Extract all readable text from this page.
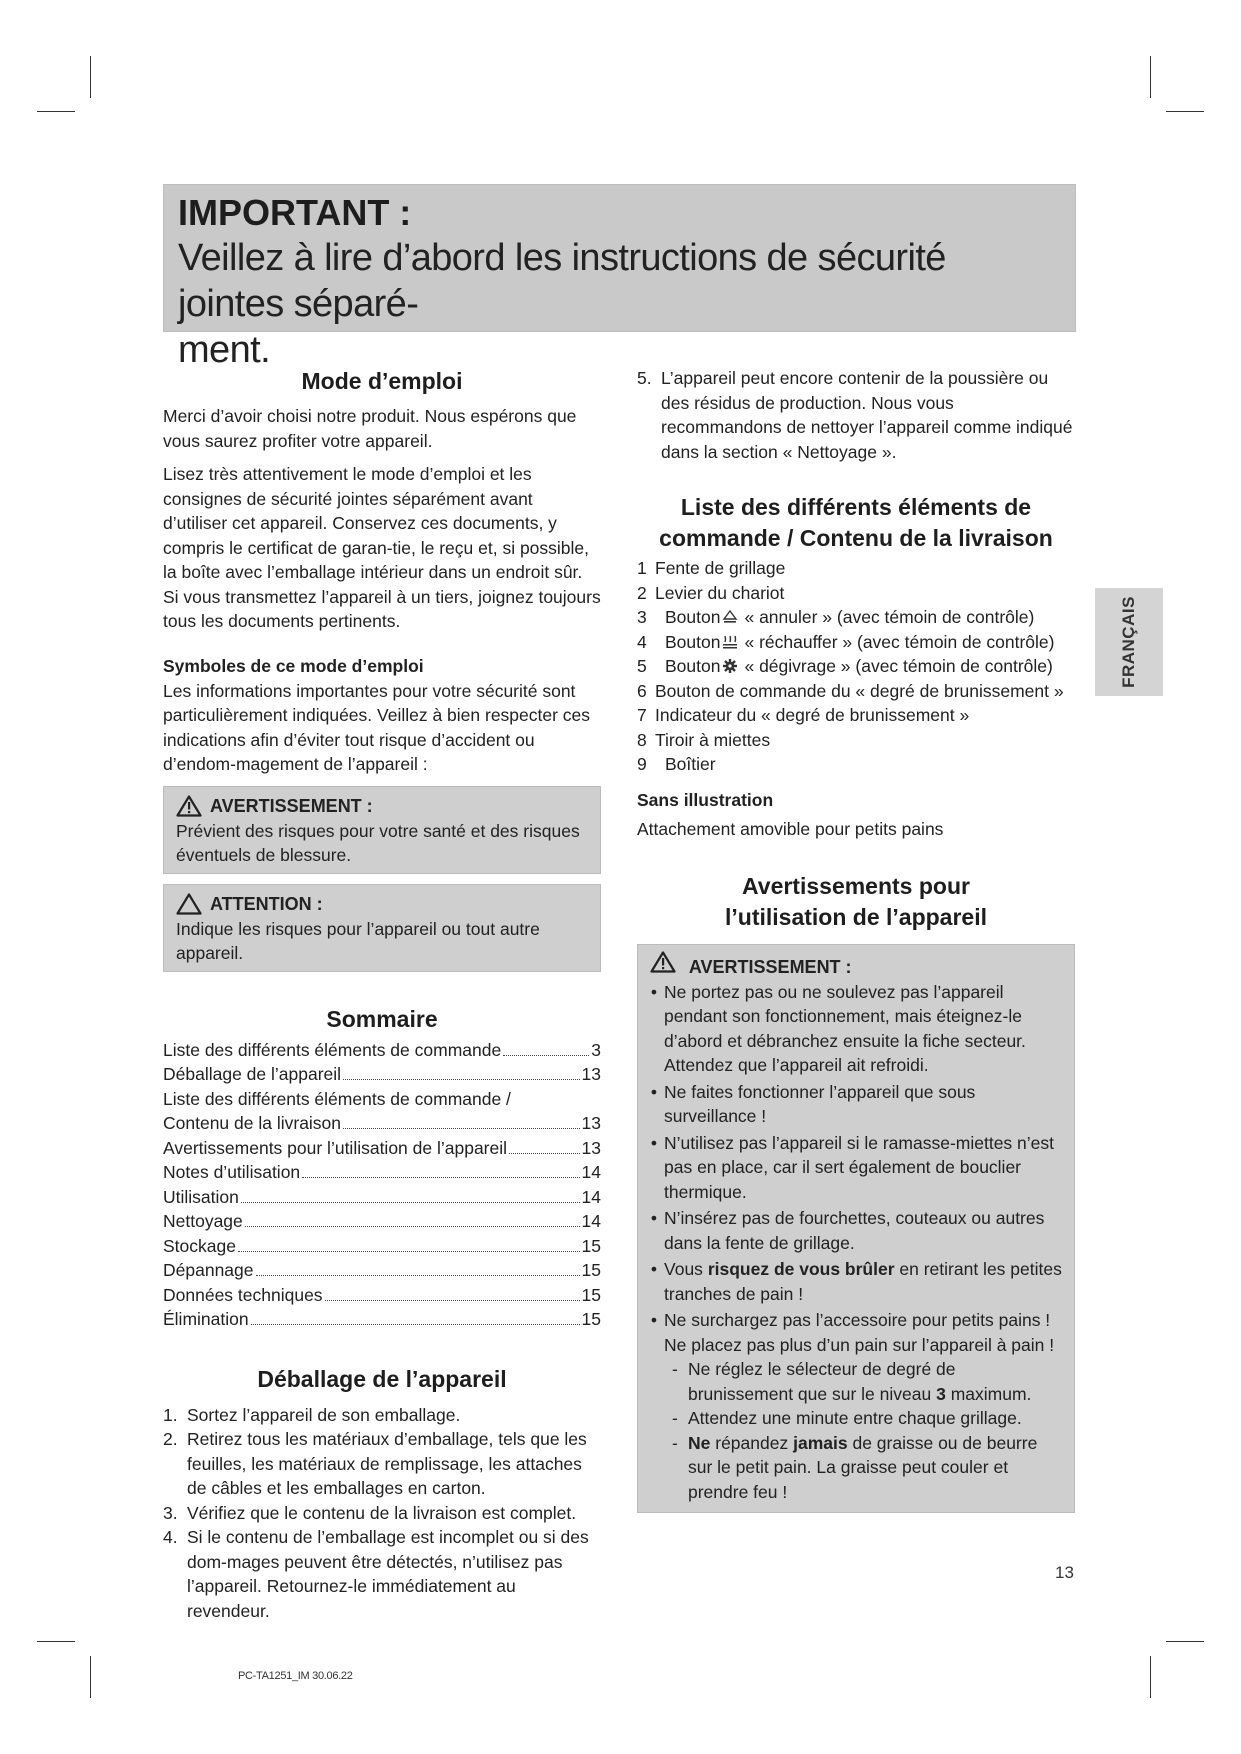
IMPORTANT :
Veillez à lire d’abord les instructions de sécurité jointes séparé-
ment.
Mode d’emploi

Merci d’avoir choisi notre produit. Nous espérons que vous saurez profiter votre appareil.

Lisez très attentivement le mode d’emploi et les consignes de sécurité jointes séparément avant d’utiliser cet appareil. Conservez ces documents, y compris le certificat de garan-tie, le reçu et, si possible, la boîte avec l’emballage intérieur dans un endroit sûr. Si vous transmettez l’appareil à un tiers, joignez toujours tous les documents pertinents.

Symboles de ce mode d’emploi

Les informations importantes pour votre sécurité sont particulièrement indiquées. Veillez à bien respecter ces indications afin d’éviter tout risque d’accident ou d’endom-magement de l’appareil :

AVERTISSEMENT :

Prévient des risques pour votre santé et des risques éventuels de blessure.

ATTENTION :

Indique les risques pour l’appareil ou tout autre appareil.

Sommaire
Liste des différents éléments de commande	3
Déballage de l’appareil	13
Liste des différents éléments de commande /
Contenu de la livraison	13
Avertissements pour l’utilisation de l’appareil	13
Notes d’utilisation	14
Utilisation	14
Nettoyage	14
Stockage	15
Dépannage	15
Données techniques	15
Élimination	15
Déballage de l’appareil
1. Sortez l’appareil de son emballage.
2. Retirez tous les matériaux d’emballage, tels que les feuilles, les matériaux de remplissage, les attaches de câbles et les emballages en carton.
3. Vérifiez que le contenu de la livraison est complet.
4. Si le contenu de l’emballage est incomplet ou si des dom-mages peuvent être détectés, n’utilisez pas l’appareil. Retournez-le immédiatement au revendeur.
5. L’appareil peut encore contenir de la poussière ou des résidus de production. Nous vous recommandons de nettoyer l’appareil comme indiqué dans la section « Nettoyage ».
Liste des différents éléments de
commande / Contenu de la livraison
1 Fente de grillage
2 Levier du chariot
3	Bouton « annuler » (avec témoin de contrôle)
4	Bouton « réchauffer » (avec témoin de contrôle)
5	Bouton « dégivrage » (avec témoin de contrôle)
6 Bouton de commande du « degré de brunissement »
7 Indicateur du « degré de brunissement »
8 Tiroir à miettes
9	Boîtier
Sans illustration

Attachement amovible pour petits pains

Avertissements pour
l’utilisation de l’appareil
AVERTISSEMENT :
• Ne portez pas ou ne soulevez pas l’appareil pendant son fonctionnement, mais éteignez-le d’abord et débranchez ensuite la fiche secteur. Attendez que l’appareil ait refroidi.
• Ne faites fonctionner l’appareil que sous surveillance !
• N’utilisez pas l’appareil si le ramasse-miettes n’est pas en place, car il sert également de bouclier thermique.
• N’insérez pas de fourchettes, couteaux ou autres dans la fente de grillage.
• Vous risquez de vous brûler en retirant les petites tranches de pain !
• Ne surchargez pas l’accessoire pour petits pains ! Ne placez pas plus d’un pain sur l’appareil à pain !
- Ne réglez le sélecteur de degré de brunissement que sur le niveau 3 maximum.
- Attendez une minute entre chaque grillage.
- Ne répandez jamais de graisse ou de beurre sur le petit pain. La graisse peut couler et prendre feu !
FRANÇAIS
13
PC-TA1251_IM 30.06.22
